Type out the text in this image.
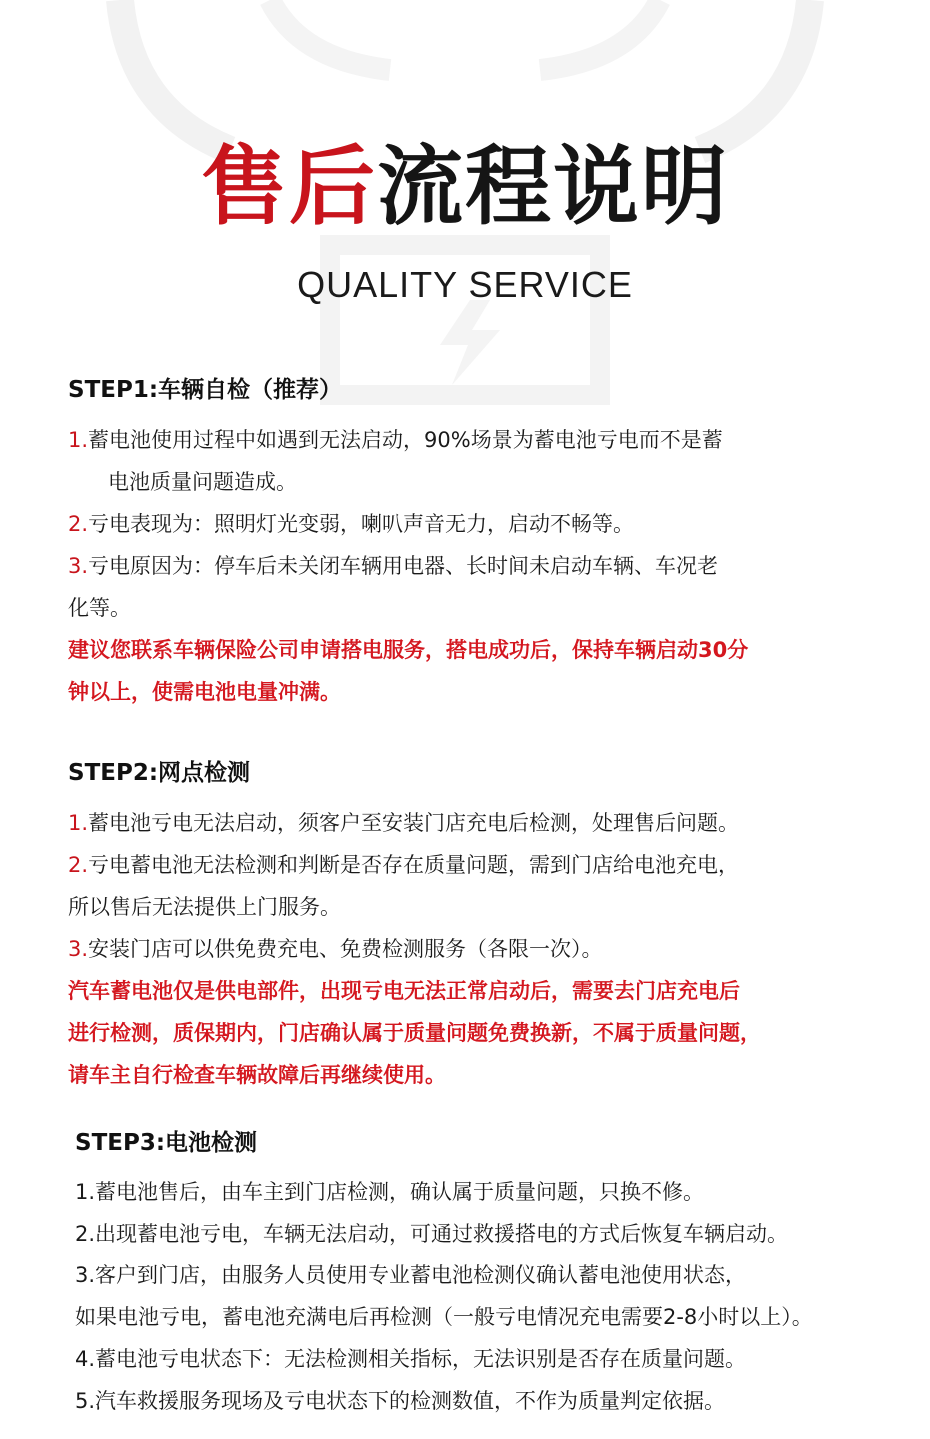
售后流程说明
QUALITY SERVICE
STEP1:车辆自检（推荐）

1.蓄电池使用过程中如遇到无法启动，90%场景为蓄电池亏电而不是蓄

电池质量问题造成。

2.亏电表现为：照明灯光变弱，喇叭声音无力，启动不畅等。

3.亏电原因为：停车后未关闭车辆用电器、长时间未启动车辆、车况老

化等。

建议您联系车辆保险公司申请搭电服务，搭电成功后，保持车辆启动30分

钟以上，使需电池电量冲满。

STEP2:网点检测

1.蓄电池亏电无法启动，须客户至安装门店充电后检测，处理售后问题。

2.亏电蓄电池无法检测和判断是否存在质量问题，需到门店给电池充电，

所以售后无法提供上门服务。

3.安装门店可以供免费充电、免费检测服务（各限一次）。

汽车蓄电池仅是供电部件，出现亏电无法正常启动后，需要去门店充电后

进行检测，质保期内，门店确认属于质量问题免费换新，不属于质量问题，

请车主自行检查车辆故障后再继续使用。

STEP3:电池检测

1.蓄电池售后，由车主到门店检测，确认属于质量问题，只换不修。

2.出现蓄电池亏电，车辆无法启动，可通过救援搭电的方式后恢复车辆启动。

3.客户到门店，由服务人员使用专业蓄电池检测仪确认蓄电池使用状态，

如果电池亏电，蓄电池充满电后再检测（一般亏电情况充电需要2-8小时以上）。

4.蓄电池亏电状态下：无法检测相关指标，无法识别是否存在质量问题。

5.汽车救援服务现场及亏电状态下的检测数值，不作为质量判定依据。
